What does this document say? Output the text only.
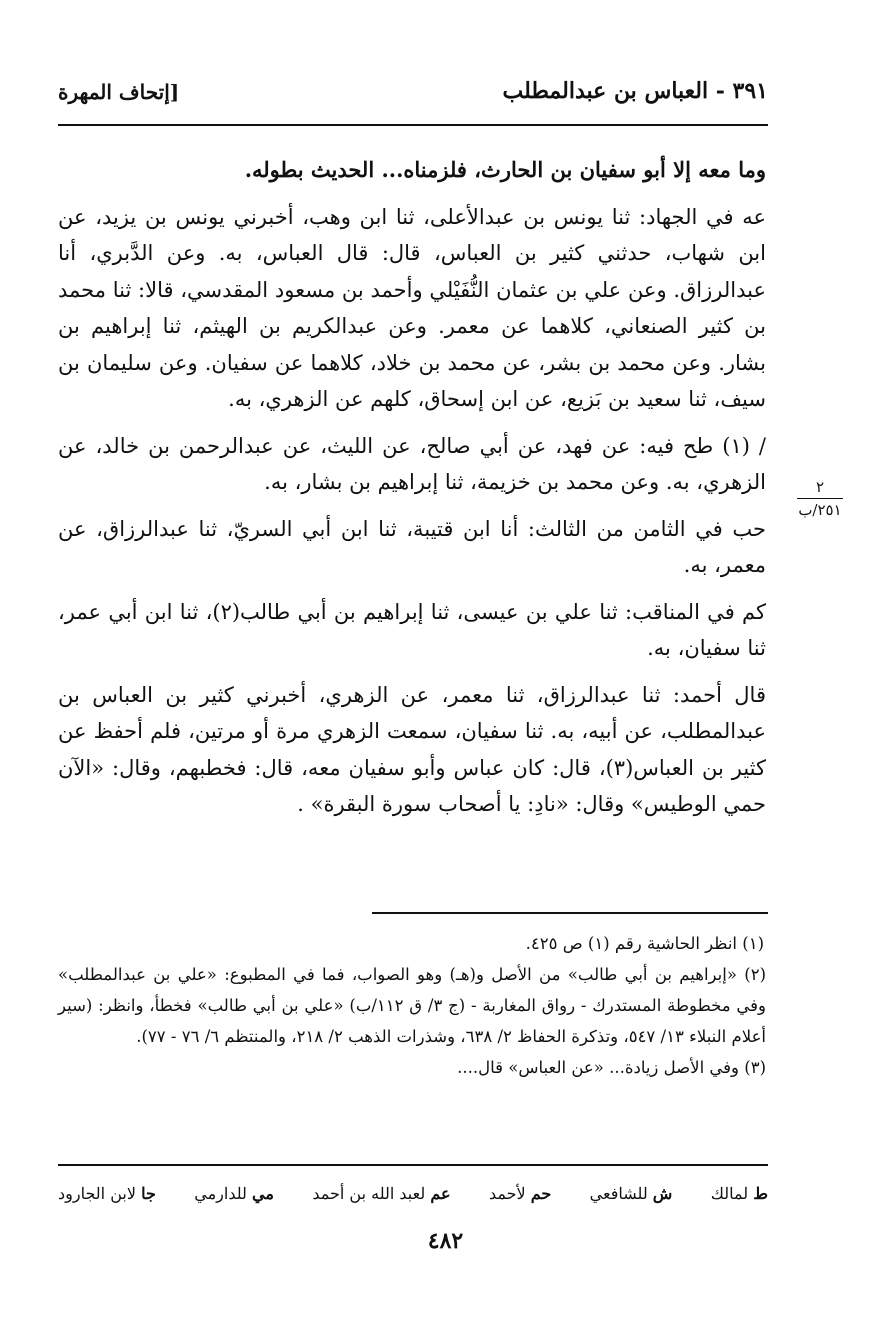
٣٩١ - العباس بن عبدالمطلب
[إتحاف المهرة

وما معه إلا أبو سفيان بن الحارث، فلزمناه... الحديث بطوله.

عه في الجهاد: ثنا يونس بن عبدالأعلى، ثنا ابن وهب، أخبرني يونس بن يزيد، عن ابن شهاب، حدثني كثير بن العباس، قال: قال العباس، به. وعن الدَّبري، أنا عبدالرزاق. وعن علي بن عثمان النُّفَيْلي وأحمد بن مسعود المقدسي، قالا: ثنا محمد بن كثير الصنعاني، كلاهما عن معمر. وعن عبدالكريم بن الهيثم، ثنا إبراهيم بن بشار. وعن محمد بن بشر، عن محمد بن خلاد، كلاهما عن سفيان. وعن سليمان بن سيف، ثنا سعيد بن بَزيع، عن ابن إسحاق، كلهم عن الزهري، به.

/ (١) طح فيه: عن فهد، عن أبي صالح، عن الليث، عن عبدالرحمن بن خالد، عن الزهري، به. وعن محمد بن خزيمة، ثنا إبراهيم بن بشار، به.

حب في الثامن من الثالث: أنا ابن قتيبة، ثنا ابن أبي السريّ، ثنا عبدالرزاق، عن معمر، به.

كم في المناقب: ثنا علي بن عيسى، ثنا إبراهيم بن أبي طالب(٢)، ثنا ابن أبي عمر، ثنا سفيان، به.

قال أحمد: ثنا عبدالرزاق، ثنا معمر، عن الزهري، أخبرني كثير بن العباس بن عبدالمطلب، عن أبيه، به. ثنا سفيان، سمعت الزهري مرة أو مرتين، فلم أحفظ عن كثير بن العباس(٣)، قال: كان عباس وأبو سفيان معه، قال: فخطبهم، وقال: «الآن حمي الوطيس» وقال: «نادِ: يا أصحاب سورة البقرة» .

٢
٢٥١/ب

(١) انظر الحاشية رقم (١) ص ٤٢٥.

(٢) «إبراهيم بن أبي طالب» من الأصل و(هـ) وهو الصواب، فما في المطبوع: «علي بن عبدالمطلب» وفي مخطوطة المستدرك - رواق المغاربة - (ج ٣/ ق ١١٢/ب) «علي بن أبي طالب» فخطأ، وانظر: (سير أعلام النبلاء ١٣/ ٥٤٧، وتذكرة الحفاظ ٢/ ٦٣٨، وشذرات الذهب ٢/ ٢١٨، والمنتظم ٦/ ٧٦ - ٧٧).

(٣) وفي الأصل زيادة... «عن العباس» قال....

ط لمالك
ش للشافعي
حم لأحمد
عم لعبد الله بن أحمد
مي للدارمي
جا لابن الجارود
٤٨٢
